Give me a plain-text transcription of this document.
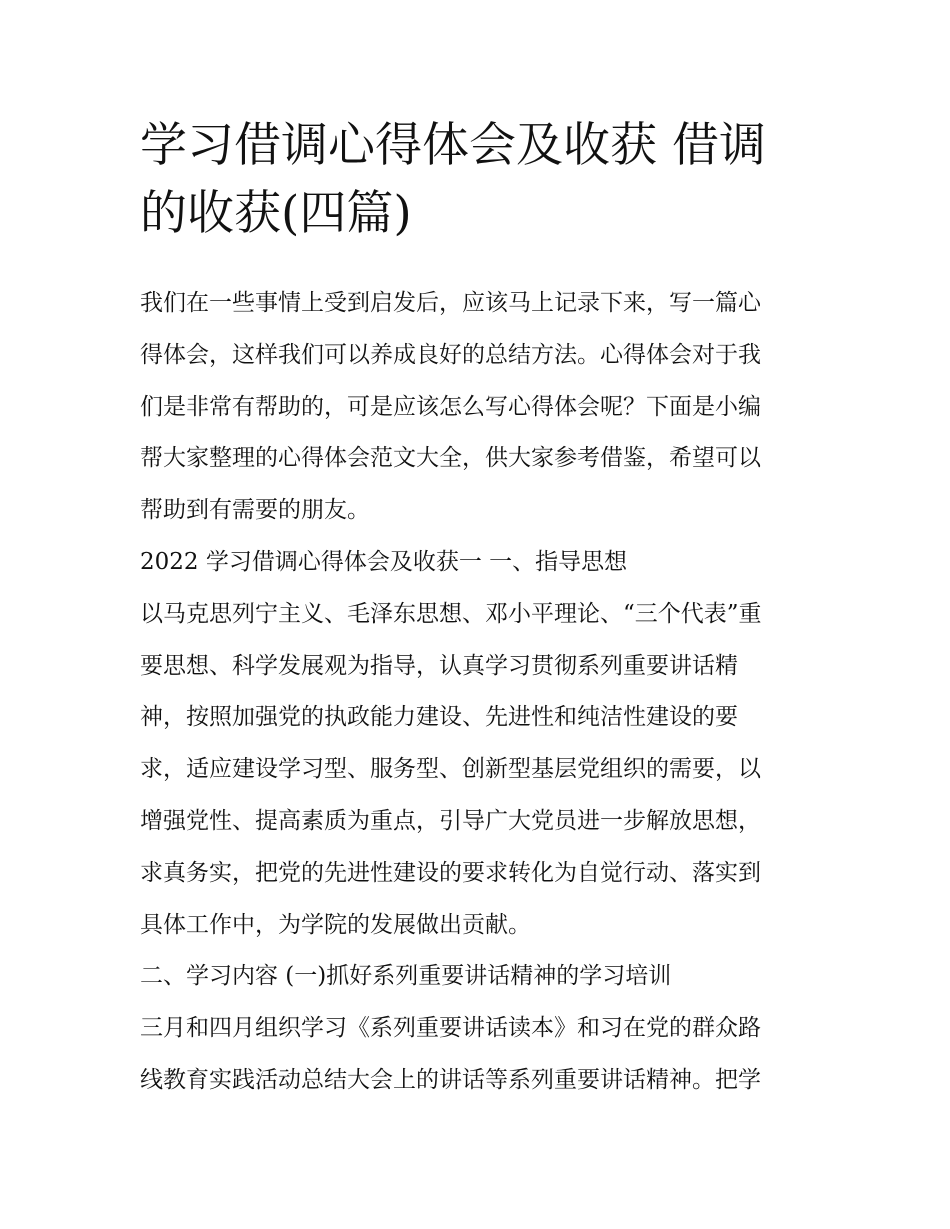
学习借调心得体会及收获 借调
的收获(四篇)

我们在一些事情上受到启发后，应该马上记录下来，写一篇心

得体会，这样我们可以养成良好的总结方法。心得体会对于我

们是非常有帮助的，可是应该怎么写心得体会呢？下面是小编

帮大家整理的心得体会范文大全，供大家参考借鉴，希望可以

帮助到有需要的朋友。

2022 学习借调心得体会及收获一 一、指导思想

以马克思列宁主义、毛泽东思想、邓小平理论、“三个代表”重

要思想、科学发展观为指导，认真学习贯彻系列重要讲话精

神，按照加强党的执政能力建设、先进性和纯洁性建设的要

求，适应建设学习型、服务型、创新型基层党组织的需要，以

增强党性、提高素质为重点，引导广大党员进一步解放思想，

求真务实，把党的先进性建设的要求转化为自觉行动、落实到

具体工作中，为学院的发展做出贡献。

二、学习内容 (一)抓好系列重要讲话精神的学习培训

三月和四月组织学习《系列重要讲话读本》和习在党的群众路

线教育实践活动总结大会上的讲话等系列重要讲话精神。把学
